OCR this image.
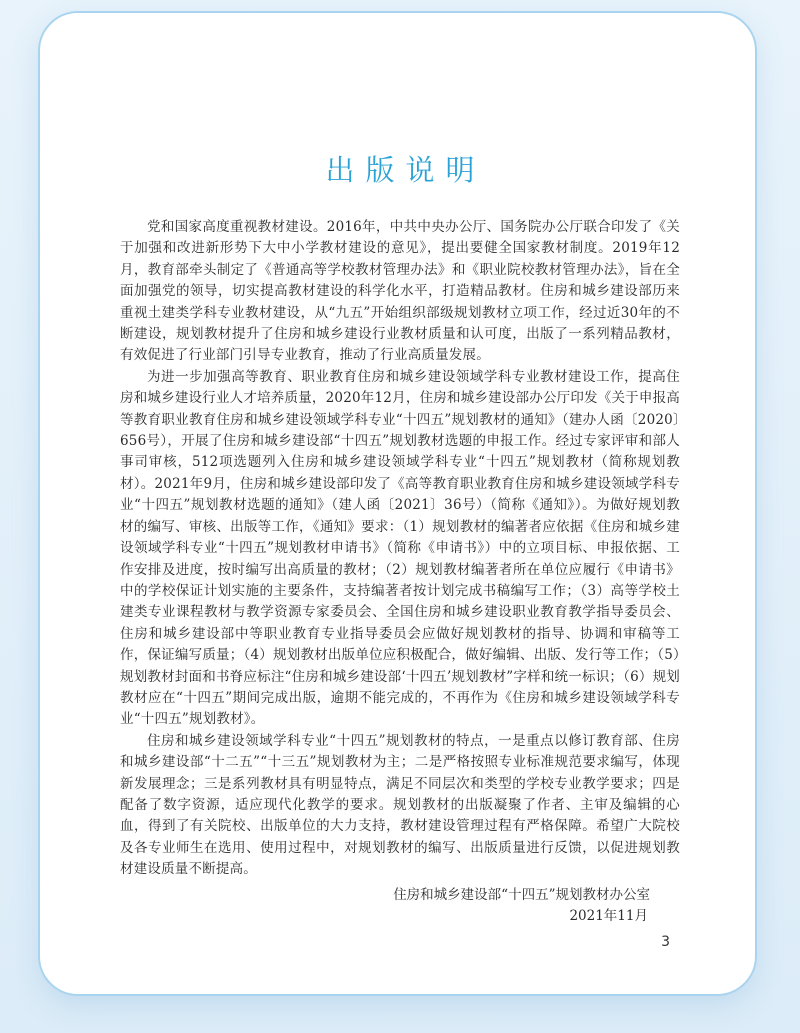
出版说明

党和国家高度重视教材建设。2016年，中共中央办公厅、国务院办公厅联合印发了《关于加强和改进新形势下大中小学教材建设的意见》，提出要健全国家教材制度。2019年12月，教育部牵头制定了《普通高等学校教材管理办法》和《职业院校教材管理办法》，旨在全面加强党的领导，切实提高教材建设的科学化水平，打造精品教材。住房和城乡建设部历来重视土建类学科专业教材建设，从“九五”开始组织部级规划教材立项工作，经过近30年的不断建设，规划教材提升了住房和城乡建设行业教材质量和认可度，出版了一系列精品教材，有效促进了行业部门引导专业教育，推动了行业高质量发展。

为进一步加强高等教育、职业教育住房和城乡建设领域学科专业教材建设工作，提高住房和城乡建设行业人才培养质量，2020年12月，住房和城乡建设部办公厅印发《关于申报高等教育职业教育住房和城乡建设领域学科专业“十四五”规划教材的通知》（建办人函〔2020〕656号），开展了住房和城乡建设部“十四五”规划教材选题的申报工作。经过专家评审和部人事司审核，512项选题列入住房和城乡建设领域学科专业“十四五”规划教材（简称规划教材）。2021年9月，住房和城乡建设部印发了《高等教育职业教育住房和城乡建设领域学科专业“十四五”规划教材选题的通知》（建人函〔2021〕36号）（简称《通知》）。为做好规划教材的编写、审核、出版等工作，《通知》要求：（1）规划教材的编著者应依据《住房和城乡建设领域学科专业“十四五”规划教材申请书》（简称《申请书》）中的立项目标、申报依据、工作安排及进度，按时编写出高质量的教材；（2）规划教材编著者所在单位应履行《申请书》中的学校保证计划实施的主要条件，支持编著者按计划完成书稿编写工作；（3）高等学校土建类专业课程教材与教学资源专家委员会、全国住房和城乡建设职业教育教学指导委员会、住房和城乡建设部中等职业教育专业指导委员会应做好规划教材的指导、协调和审稿等工作，保证编写质量；（4）规划教材出版单位应积极配合，做好编辑、出版、发行等工作；（5）规划教材封面和书脊应标注“住房和城乡建设部‘十四五’规划教材”字样和统一标识；（6）规划教材应在“十四五”期间完成出版，逾期不能完成的，不再作为《住房和城乡建设领域学科专业“十四五”规划教材》。

住房和城乡建设领域学科专业“十四五”规划教材的特点，一是重点以修订教育部、住房和城乡建设部“十二五”“十三五”规划教材为主；二是严格按照专业标准规范要求编写，体现新发展理念；三是系列教材具有明显特点，满足不同层次和类型的学校专业教学要求；四是配备了数字资源，适应现代化教学的要求。规划教材的出版凝聚了作者、主审及编辑的心血，得到了有关院校、出版单位的大力支持，教材建设管理过程有严格保障。希望广大院校及各专业师生在选用、使用过程中，对规划教材的编写、出版质量进行反馈，以促进规划教材建设质量不断提高。

住房和城乡建设部“十四五”规划教材办公室
2021年11月
3
